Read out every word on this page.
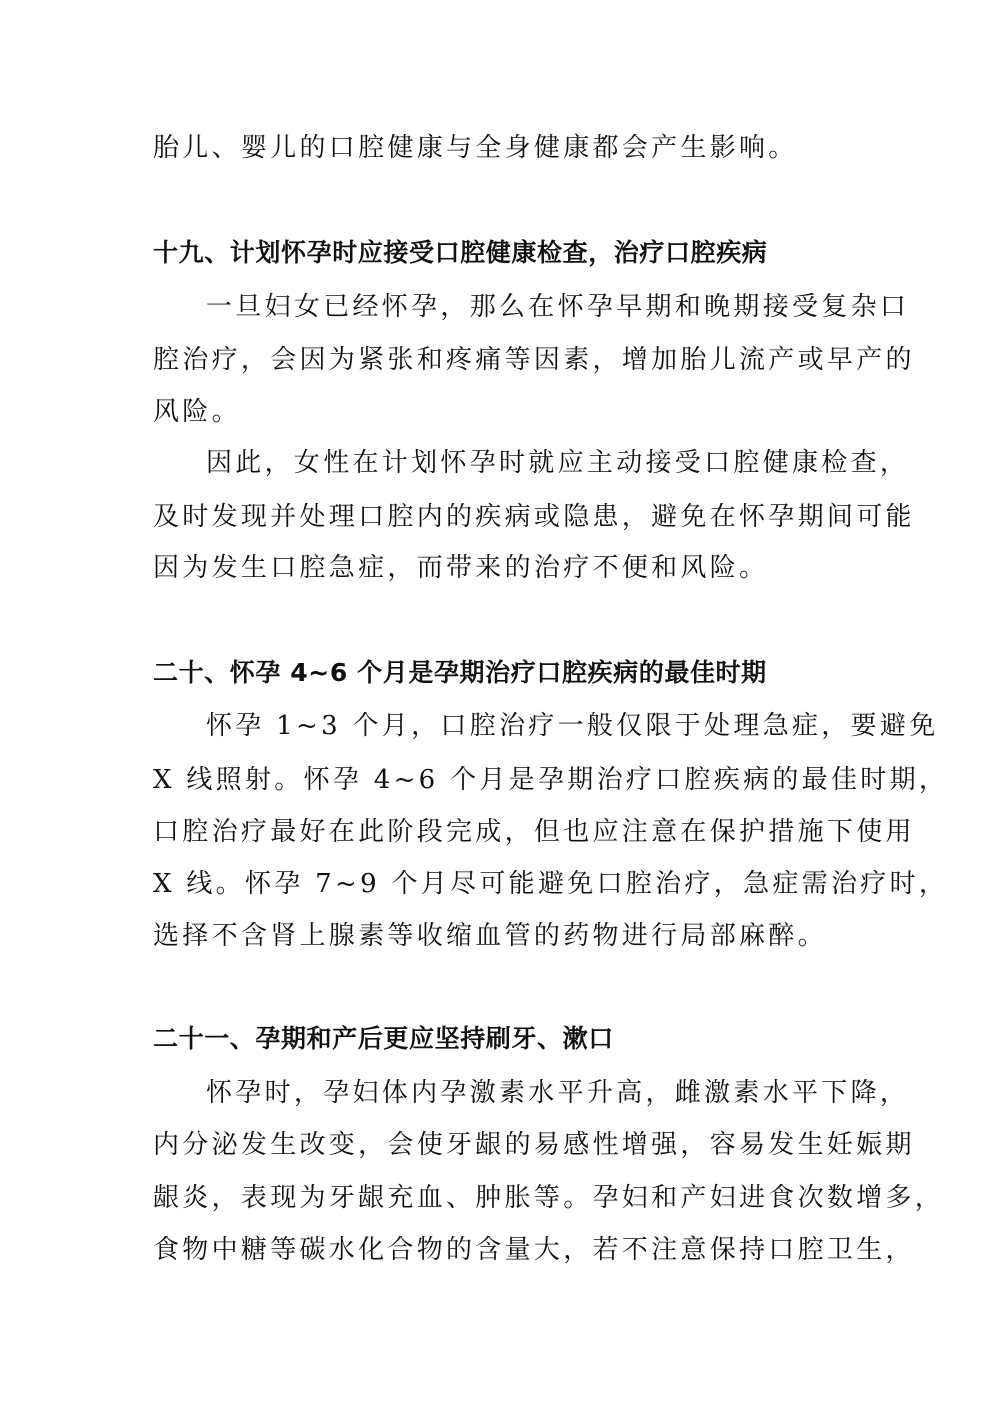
胎儿、婴儿的口腔健康与全身健康都会产生影响。
十九、计划怀孕时应接受口腔健康检查，治疗口腔疾病
一旦妇女已经怀孕，那么在怀孕早期和晚期接受复杂口
腔治疗，会因为紧张和疼痛等因素，增加胎儿流产或早产的
风险。
因此，女性在计划怀孕时就应主动接受口腔健康检查，
及时发现并处理口腔内的疾病或隐患，避免在怀孕期间可能
因为发生口腔急症，而带来的治疗不便和风险。
二十、怀孕 4~6 个月是孕期治疗口腔疾病的最佳时期
怀孕 1~3 个月，口腔治疗一般仅限于处理急症，要避免
X 线照射。怀孕 4~6 个月是孕期治疗口腔疾病的最佳时期，
口腔治疗最好在此阶段完成，但也应注意在保护措施下使用
X 线。怀孕 7~9 个月尽可能避免口腔治疗，急症需治疗时，
选择不含肾上腺素等收缩血管的药物进行局部麻醉。
二十一、孕期和产后更应坚持刷牙、漱口
怀孕时，孕妇体内孕激素水平升高，雌激素水平下降，
内分泌发生改变，会使牙龈的易感性增强，容易发生妊娠期
龈炎，表现为牙龈充血、肿胀等。孕妇和产妇进食次数增多，
食物中糖等碳水化合物的含量大，若不注意保持口腔卫生，
